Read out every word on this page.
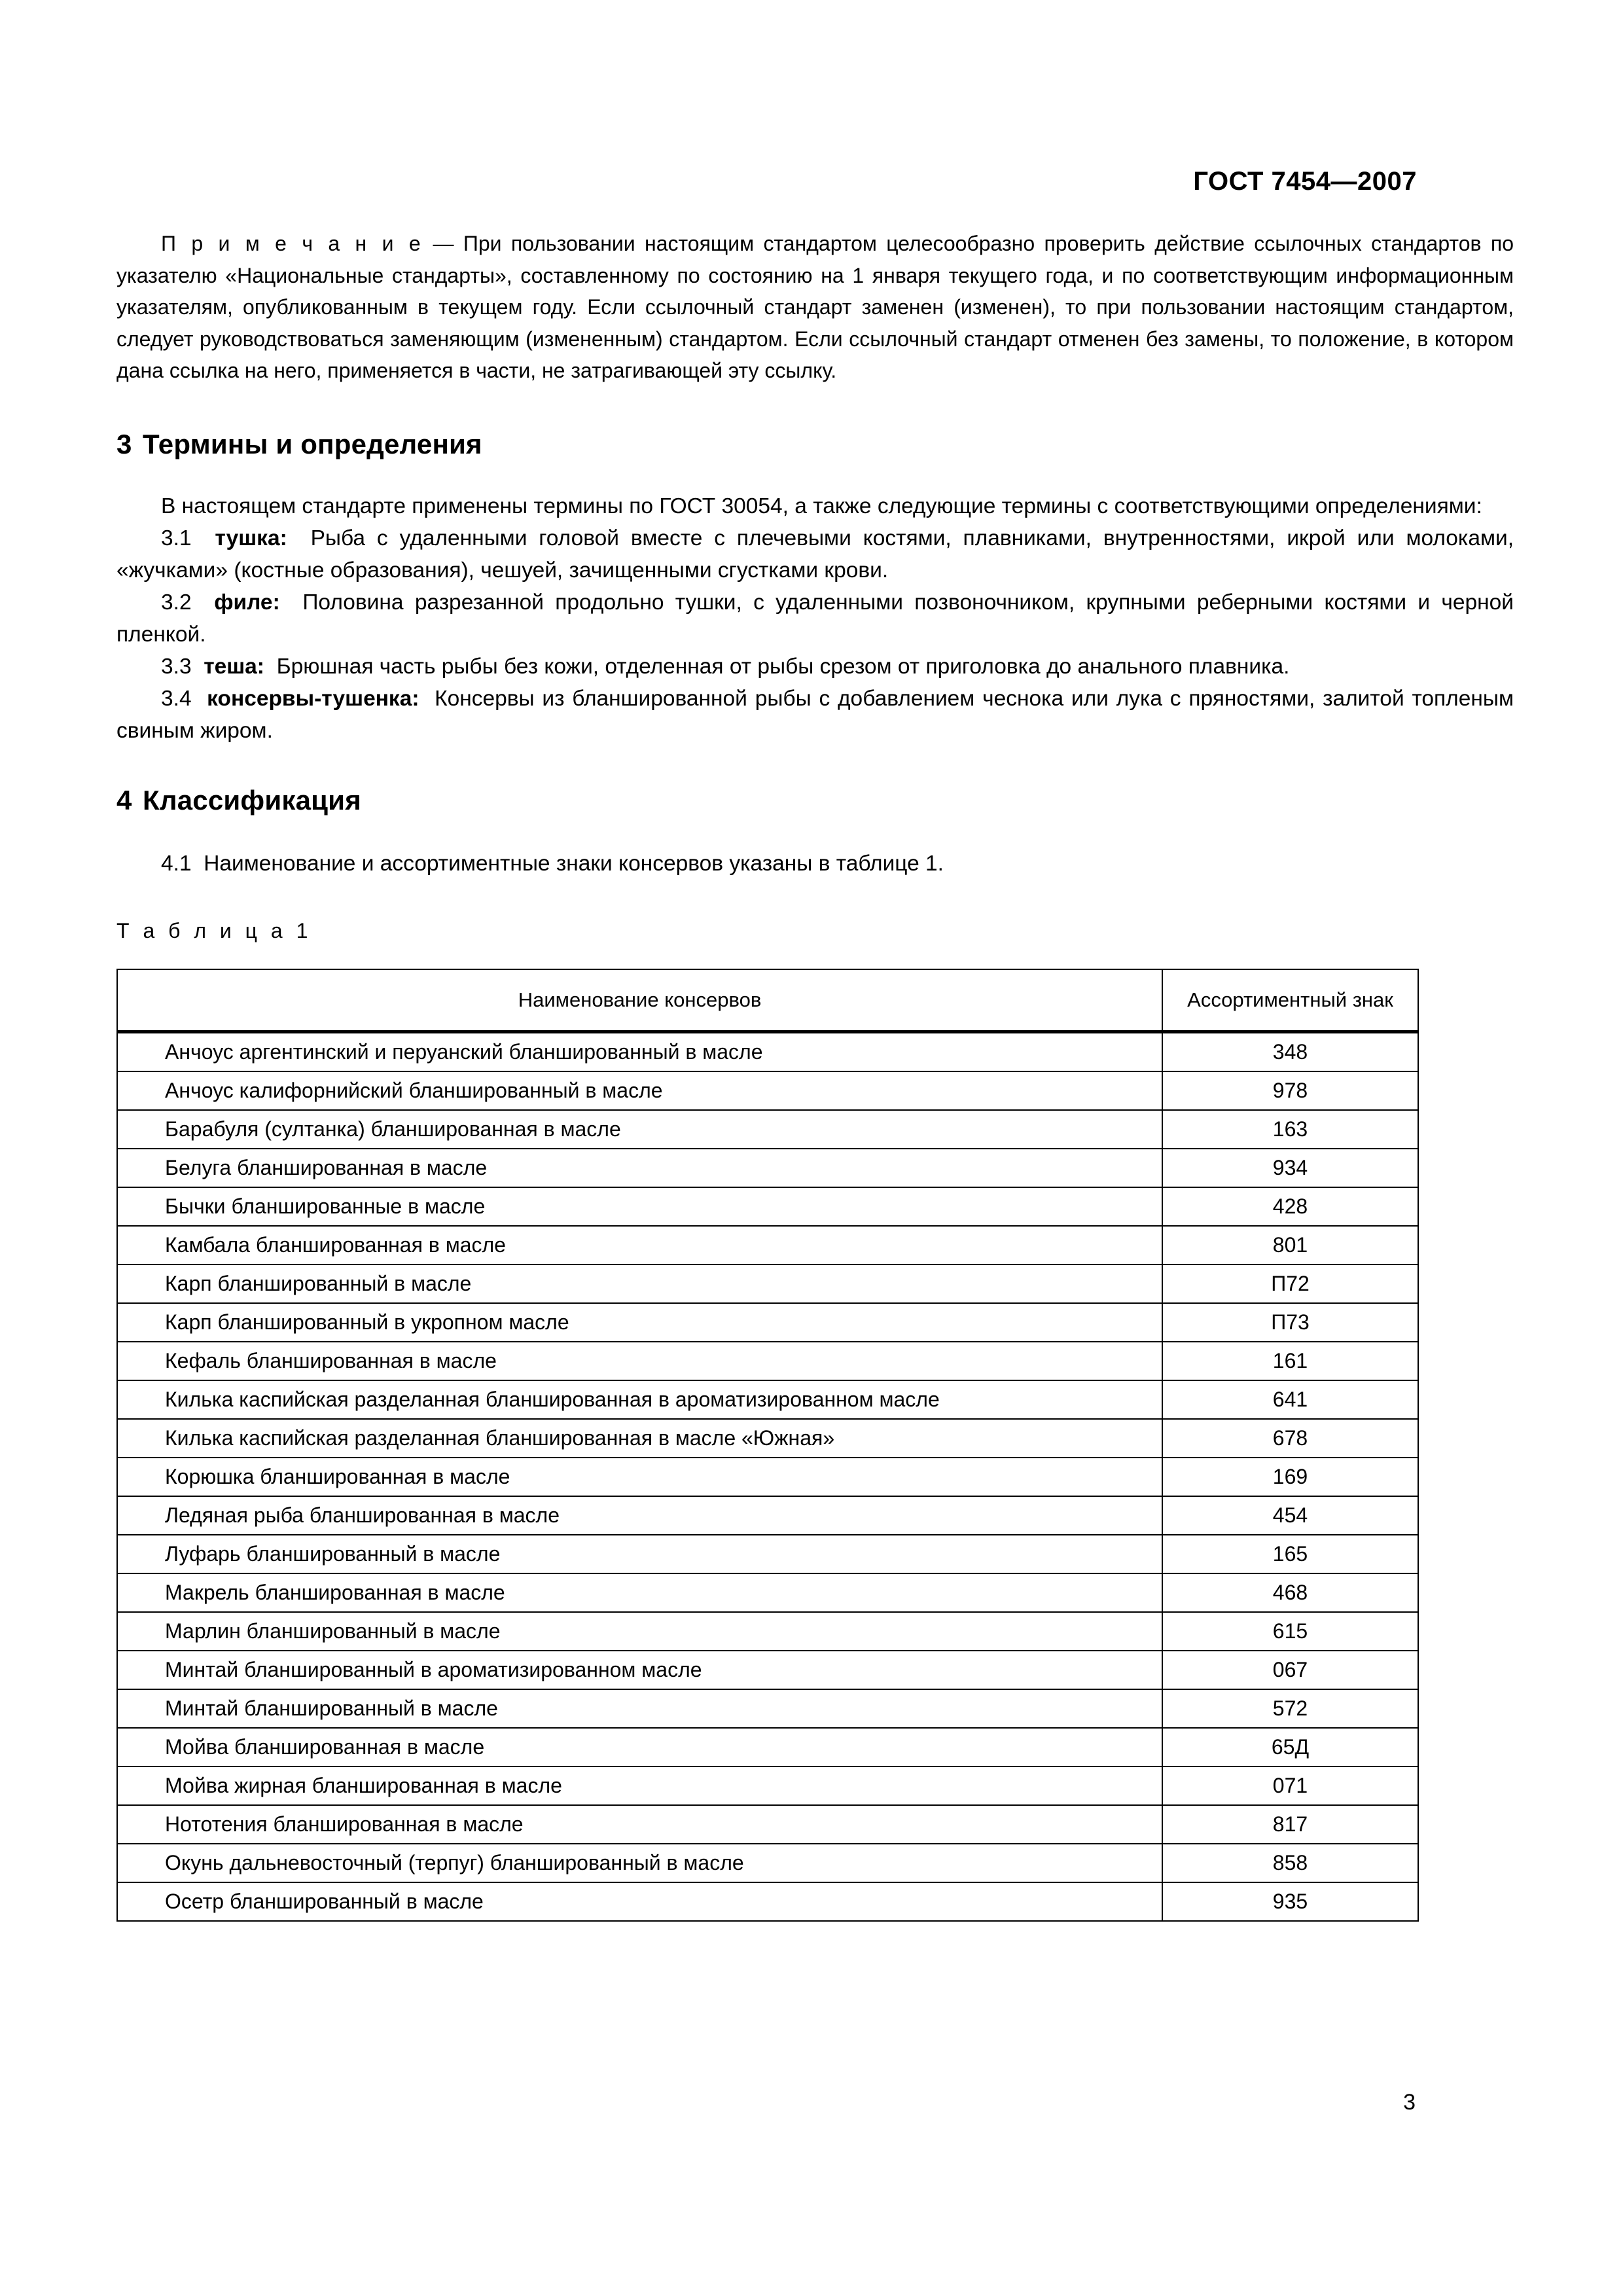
ГОСТ 7454—2007

П р и м е ч а н и е — При пользовании настоящим стандартом целесообразно проверить действие ссылочных стандартов по указателю «Национальные стандарты», составленному по состоянию на 1 января текущего года, и по соответствующим информационным указателям, опубликованным в текущем году. Если ссылочный стандарт заменен (изменен), то при пользовании настоящим стандартом, следует руководствоваться заменяющим (измененным) стандартом. Если ссылочный стандарт отменен без замены, то положение, в котором дана ссылка на него, применяется в части, не затрагивающей эту ссылку.

3 Термины и определения

В настоящем стандарте применены термины по ГОСТ 30054, а также следующие термины с соответствующими определениями:

3.1 тушка: Рыба с удаленными головой вместе с плечевыми костями, плавниками, внутренностями, икрой или молоками, «жучками» (костные образования), чешуей, зачищенными сгустками крови.

3.2 филе: Половина разрезанной продольно тушки, с удаленными позвоночником, крупными реберными костями и черной пленкой.

3.3 теша: Брюшная часть рыбы без кожи, отделенная от рыбы срезом от приголовка до анального плавника.

3.4 консервы-тушенка: Консервы из бланшированной рыбы с добавлением чеснока или лука с пряностями, залитой топленым свиным жиром.

4 Классификация

4.1 Наименование и ассортиментные знаки консервов указаны в таблице 1.

Т а б л и ц а 1

Наименование консервов	Ассортиментный знак
Анчоус аргентинский и перуанский бланшированный в масле	348
Анчоус калифорнийский бланшированный в масле	978
Барабуля (султанка) бланшированная в масле	163
Белуга бланшированная в масле	934
Бычки бланшированные в масле	428
Камбала бланшированная в масле	801
Карп бланшированный в масле	П72
Карп бланшированный в укропном масле	П73
Кефаль бланшированная в масле	161
Килька каспийская разделанная бланшированная в ароматизированном масле	641
Килька каспийская разделанная бланшированная в масле «Южная»	678
Корюшка бланшированная в масле	169
Ледяная рыба бланшированная в масле	454
Луфарь бланшированный в масле	165
Макрель бланшированная в масле	468
Марлин бланшированный в масле	615
Минтай бланшированный в ароматизированном масле	067
Минтай бланшированный в масле	572
Мойва бланшированная в масле	65Д
Мойва жирная бланшированная в масле	071
Нототения бланшированная в масле	817
Окунь дальневосточный (терпуг) бланшированный в масле	858
Осетр бланшированный в масле	935
3
